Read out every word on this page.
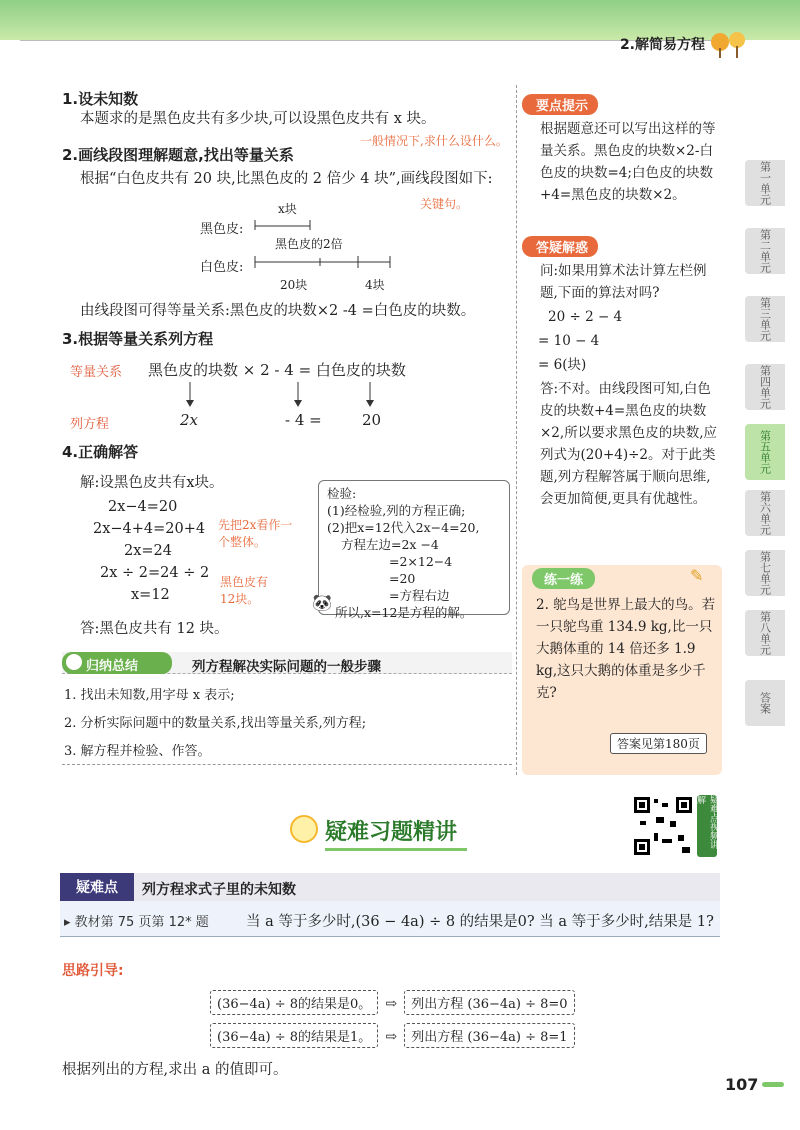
2.解简易方程
1.设未知数
本题求的是黑色皮共有多少块,可以设黑色皮共有 x 块。
一般情况下,求什么设什么。
2.画线段图理解题意,找出等量关系
根据“白色皮共有 20 块,比黑色皮的 2 倍少 4 块”,画线段图如下:
关键句。
x块
黑色皮:
黑色皮的2倍
白色皮:
20块	4块
由线段图可得等量关系:黑色皮的块数×2 -4 =白色皮的块数。
3.根据等量关系列方程
等量关系 黑色皮的块数 × 2 - 4 = 白色皮的块数
列方程	2x	- 4 =	20
4.正确解答
解:设黑色皮共有x块。
2x−4=20
2x−4+4=20+4
2x=24
2x ÷ 2=24 ÷ 2
x=12
先把2x看作一个整体。
黑色皮有12块。
检验:
(1)经检验,列的方程正确;
(2)把x=12代入2x−4=20,
方程左边=2x −4
=2×12−4
=20
=方程右边
所以,x=12是方程的解。
🐼
答:黑色皮共有 12 块。
归纳总结	列方程解决实际问题的一般步骤
1. 找出未知数,用字母 x 表示;
2. 分析实际问题中的数量关系,找出等量关系,列方程;
3. 解方程并检验、作答。
要点提示
根据题意还可以写出这样的等量关系。黑色皮的块数×2-白色皮的块数=4;白色皮的块数+4=黑色皮的块数×2。
答疑解惑
问:如果用算术法计算左栏例题,下面的算法对吗?
20 ÷ 2 − 4
= 10 − 4
= 6(块)
答:不对。由线段图可知,白色皮的块数+4=黑色皮的块数×2,所以要求黑色皮的块数,应列式为(20+4)÷2。对于此类题,列方程解答属于顺向思维,会更加简便,更具有优越性。
练一练	✎
2. 鸵鸟是世界上最大的鸟。若一只鸵鸟重 134.9 kg,比一只大鹅体重的 14 倍还多 1.9 kg,这只大鹅的体重是多少千克?
答案见第180页
第一单元
第二单元
第三单元
第四单元
第五单元
第六单元
第七单元
第八单元
答案
疑难习题精讲	疑难点视频讲解
疑难点	列方程求式子里的未知数
▸ 教材第 75 页第 12* 题	当 a 等于多少时,(36 − 4a) ÷ 8 的结果是0? 当 a 等于多少时,结果是 1?
思路引导:
(36−4a) ÷ 8的结果是0。 ⇨ 列出方程 (36−4a) ÷ 8=0
(36−4a) ÷ 8的结果是1。 ⇨ 列出方程 (36−4a) ÷ 8=1
根据列出的方程,求出 a 的值即可。
107
